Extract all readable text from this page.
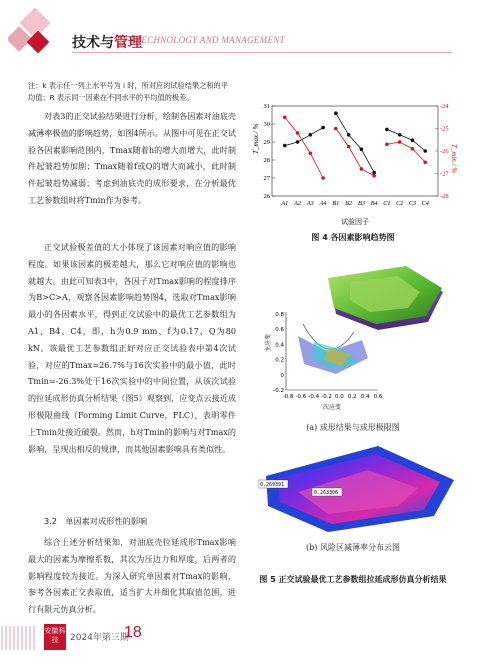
技术与管理
TECHNOLOGY AND MANAGEMENT
注：k 表示任一列上水平号为 i 时，所对应的试验结果之和的平均值；R 表示同一因素在不同水平的平均值的极差。

对表3的正交试验结果进行分析，绘制各因素对油底壳减薄率极值的影响趋势，如图4所示。从图中可见在正交试验各因素影响范围内，Tmax随着h的增大而增大，此时制件起皱趋势加剧；Tmax随着f或Q的增大而减小，此时制件起皱趋势减弱；考虑到油底壳的成形要求，在分析最优工艺参数组时将Tmin作为参考。

正交试验极差值的大小体现了该因素对响应值的影响程度。如果该因素的极差越大，那么它对响应值的影响也就越大。由此可知表3中，各因子对Tmax影响的程度排序为B>C>A，观察各因素影响趋势图4，选取对Tmax影响最小的各因素水平，得到正交试验中的最优工艺参数组为A1、B4、C4，即，h为0.9 mm、f为0.17、Q为80 kN。该最优工艺参数组正好对应正交试验表中第4次试验，对应的Tmax=26.7%与16次实验中的最小值，此时Tmin=-26.3%处于16次实验中的中间位置，从该次试验的拉延成形仿真分析结果（图5）观察到，应变点云接近成形极限曲线（Forming Limit Curve，FLC），表明零件上Tmin处接近破裂。然而，h对Tmin的影响与对Tmax的影响，呈现出相反的规律，而其他因素影响具有类似性。

3.2　单因素对成形性的影响

综合上述分析结果知，对油底壳拉延成形Tmax影响最大的因素为摩擦系数，其次为压边力和厚度，后两者的影响程度较为接近。为深入研究单因素对Tmax的影响，参考各因素正交表取值，适当扩大并细化其取值范围，进行有限元仿真分析。

T_max / %
T_min / %
试验因子
26
27
28
29
30
31
-28
-27
-26
-25
-24
A1 A2 A3 A4 B1 B2 B3 B4 C1 C2 C3 C4
图 4 各因素影响趋势图
0.8
0.6
0.4
0.2
0
-0.2
-0.8 -0.6 -0.4 -0.2 0.0 0.2 0.4 0.6
主应变
次应变
(a) 成形结果与成形极限图
0.269391
0.263306
(b) 风险区减薄率分布云图
图 5 正交试验最优工艺参数组拉延成形仿真分析结果
安徽科技	2024年第三期
18
